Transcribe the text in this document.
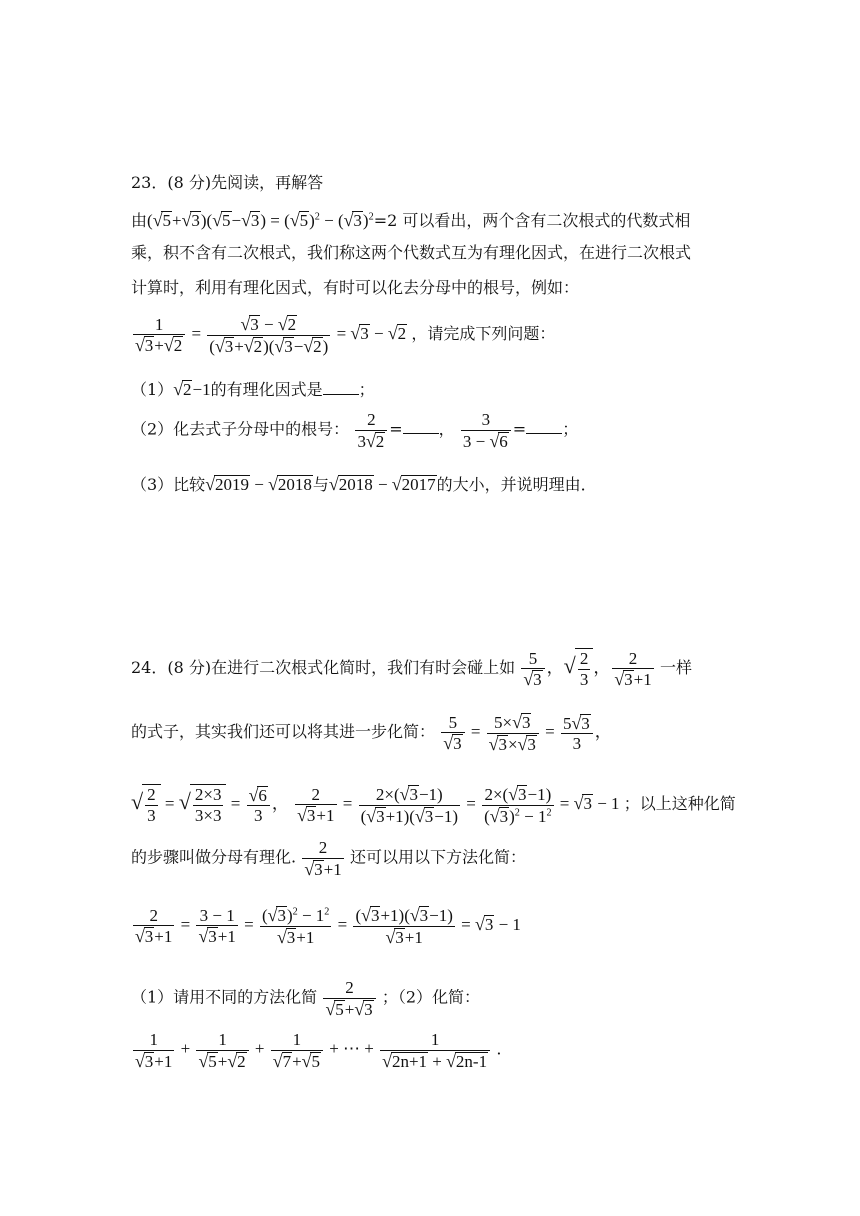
23．(8 分)先阅读，再解答
由$(√5+√3)(√5-√3) = (√5)^2 - (√3)^2=2$ 可以看出，两个含有二次根式的代数式相
乘，积不含有二次根式，我们称这两个代数式互为有理化因式，在进行二次根式
计算时，利用有理化因式，有时可以化去分母中的根号，例如：
$\frac{1}{√3+√2} = \frac{√3 - √2}{(√3+√2)(√3-√2)} = √3 - √2$ ，请完成下列问题：
（1）√2−1的有理化因式是 ；
（2）化去式子分母中的根号： $\frac{2}{3√2}$ = ， $\frac{3}{3 - √6}$ = ；
（3）比较√2019 − √2018与√2018 − √2017的大小，并说明理由．
24．(8 分)在进行二次根式化简时，我们有时会碰上如 $\frac{5}{√3}$ ，√ $\frac{2}{3}$ ， $\frac{2}{√3+1}$ 一样
的式子，其实我们还可以将其进一步化简： $\frac{5}{√3} = \frac{5\times√3}{√3\times√3} = \frac{5√3}{3}$ ，
√ $\frac{2}{3}$ = √ $\frac{2\times 3}{3\times 3} = \frac{√6}{3}$ ， $\frac{2}{√3+1} = \frac{2\times(√3-1)}{(√3+1)(√3-1)} = \frac{2\times(√3-1)}{(√3)^2 - 1^2} = √3 - 1$ ；以上这种化简
的步骤叫做分母有理化. $\frac{2}{√3+1}$ 还可以用以下方法化简：
$\frac{2}{√3+1} = \frac{3 - 1}{√3+1} = \frac{(√3)^2 - 1^2}{√3+1} = \frac{(√3+1)(√3-1)}{√3+1} = √3 - 1$
（1）请用不同的方法化简 $\frac{2}{√5+√3}$ ；（2）化简：
$\frac{1}{√3+1} + \frac{1}{√5+√2} + \frac{1}{√7+√5}$ + ⋯ + $\frac{1}{√2n+1 + √2n-1}$ .
